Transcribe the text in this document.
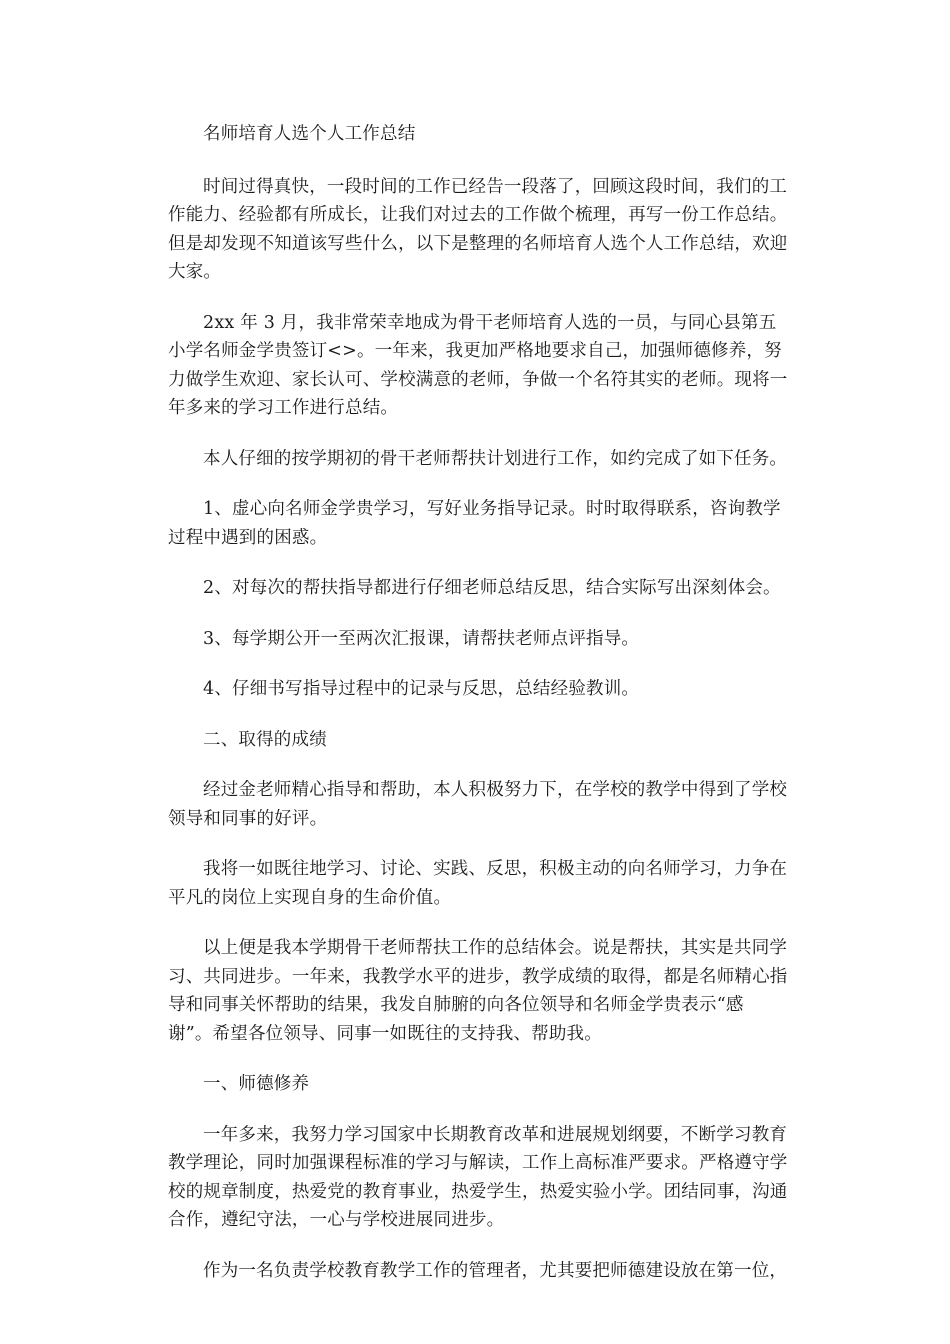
名师培育人选个人工作总结

时间过得真快，一段时间的工作已经告一段落了，回顾这段时间，我们的工作能力、经验都有所成长，让我们对过去的工作做个梳理，再写一份工作总结。但是却发现不知道该写些什么，以下是整理的名师培育人选个人工作总结，欢迎大家。

2xx 年 3 月，我非常荣幸地成为骨干老师培育人选的一员，与同心县第五小学名师金学贵签订<>。一年来，我更加严格地要求自己，加强师德修养，努力做学生欢迎、家长认可、学校满意的老师，争做一个名符其实的老师。现将一年多来的学习工作进行总结。

本人仔细的按学期初的骨干老师帮扶计划进行工作，如约完成了如下任务。

1、虚心向名师金学贵学习，写好业务指导记录。时时取得联系，咨询教学过程中遇到的困惑。

2、对每次的帮扶指导都进行仔细老师总结反思，结合实际写出深刻体会。

3、每学期公开一至两次汇报课，请帮扶老师点评指导。

4、仔细书写指导过程中的记录与反思，总结经验教训。

二、取得的成绩

经过金老师精心指导和帮助，本人积极努力下，在学校的教学中得到了学校领导和同事的好评。

我将一如既往地学习、讨论、实践、反思，积极主动的向名师学习，力争在平凡的岗位上实现自身的生命价值。

以上便是我本学期骨干老师帮扶工作的总结体会。说是帮扶，其实是共同学习、共同进步。一年来，我教学水平的进步，教学成绩的取得，都是名师精心指导和同事关怀帮助的结果，我发自肺腑的向各位领导和名师金学贵表示“感谢”。希望各位领导、同事一如既往的支持我、帮助我。

一、师德修养

一年多来，我努力学习国家中长期教育改革和进展规划纲要，不断学习教育教学理论，同时加强课程标准的学习与解读，工作上高标准严要求。严格遵守学校的规章制度，热爱党的教育事业，热爱学生，热爱实验小学。团结同事，沟通合作，遵纪守法，一心与学校进展同进步。

作为一名负责学校教育教学工作的管理者，尤其要把师德建设放在第一位，
